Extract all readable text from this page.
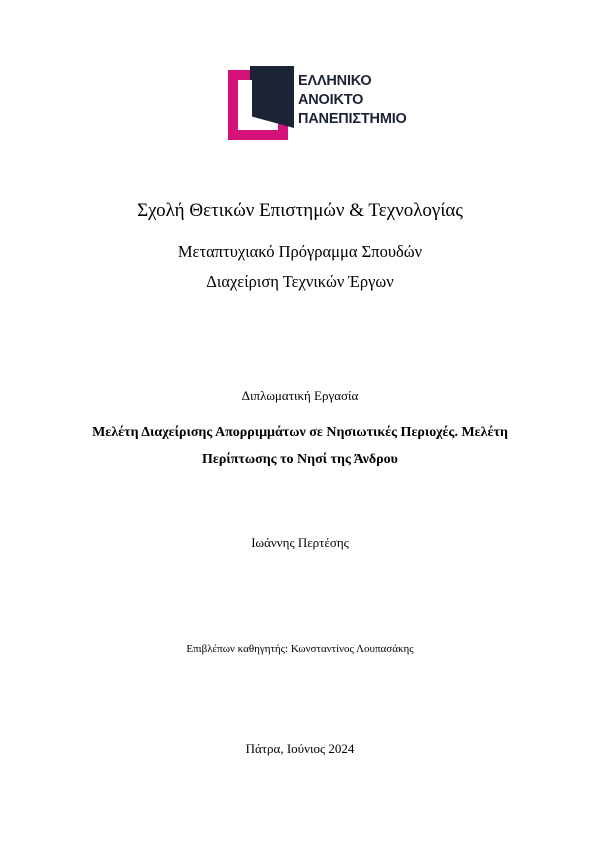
ΕΛΛΗΝΙΚΟ
ΑΝΟΙΚΤΟ
ΠΑΝΕΠΙΣΤΗΜΙΟ
Σχολή Θετικών Επιστημών & Τεχνολογίας
Μεταπτυχιακό Πρόγραμμα Σπουδών
Διαχείριση Τεχνικών Έργων
Διπλωματική Εργασία
Μελέτη Διαχείρισης Απορριμμάτων σε Νησιωτικές Περιοχές. Μελέτη
Περίπτωσης το Νησί της Άνδρου
Ιωάννης Περτέσης
Επιβλέπων καθηγητής: Κωνσταντίνος Λουπασάκης
Πάτρα, Ιούνιος 2024
